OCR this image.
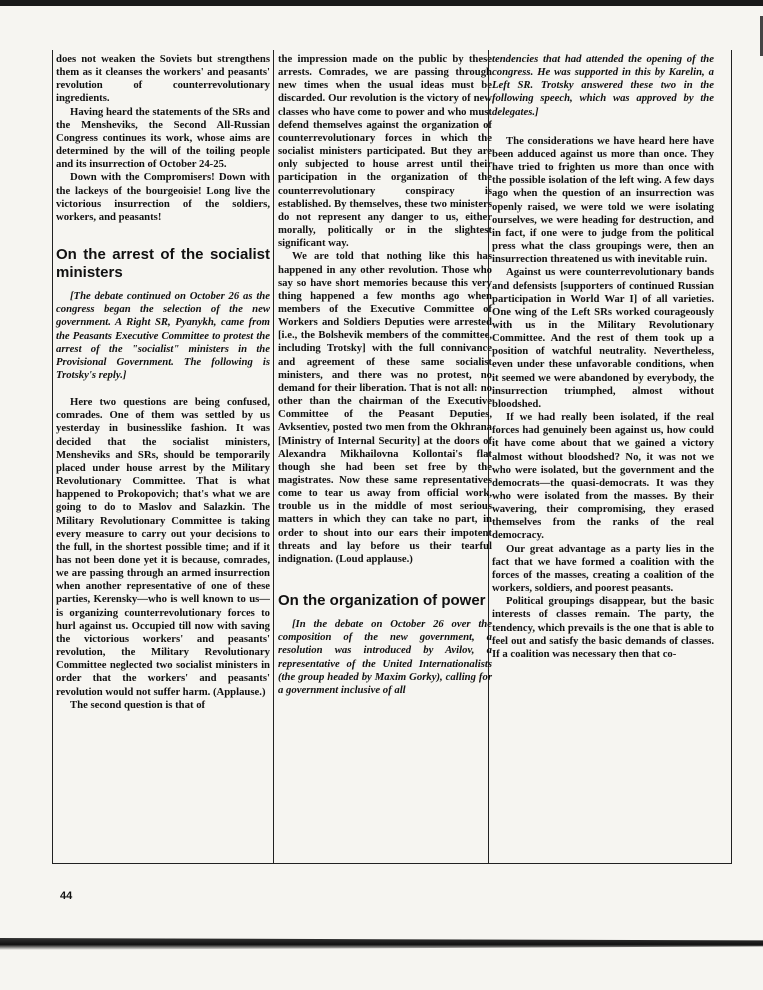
does not weaken the Soviets but strengthens them as it cleanses the workers' and peasants' revolution of counterrevolutionary ingredients.

Having heard the statements of the SRs and the Mensheviks, the Second All-Russian Congress continues its work, whose aims are determined by the will of the toiling people and its insurrection of October 24-25.

Down with the Compromisers! Down with the lackeys of the bourgeoisie! Long live the victorious insurrection of the soldiers, workers, and peasants!

On the arrest of the socialist ministers

[The debate continued on October 26 as the congress began the selection of the new government. A Right SR, Pyanykh, came from the Peasants Executive Committee to protest the arrest of the "socialist" ministers in the Provisional Government. The following is Trotsky's reply.]

Here two questions are being confused, comrades. One of them was settled by us yesterday in businesslike fashion. It was decided that the socialist ministers, Mensheviks and SRs, should be temporarily placed under house arrest by the Military Revolutionary Committee. That is what happened to Prokopovich; that's what we are going to do to Maslov and Salazkin. The Military Revolutionary Committee is taking every measure to carry out your decisions to the full, in the shortest possible time; and if it has not been done yet it is because, comrades, we are passing through an armed insurrection when another representative of one of these parties, Kerensky—who is well known to us—is organizing counterrevolutionary forces to hurl against us. Occupied till now with saving the victorious workers' and peasants' revolution, the Military Revolutionary Committee neglected two socialist ministers in order that the workers' and peasants' revolution would not suffer harm. (Applause.)

The second question is that of

the impression made on the public by these arrests. Comrades, we are passing through new times when the usual ideas must be discarded. Our revolution is the victory of new classes who have come to power and who must defend themselves against the organization of counterrevolutionary forces in which the socialist ministers participated. But they are only subjected to house arrest until their participation in the organization of the counterrevolutionary conspiracy is established. By themselves, these two ministers do not represent any danger to us, either morally, politically or in the slightest significant way.

We are told that nothing like this has happened in any other revolution. Those who say so have short memories because this very thing happened a few months ago when members of the Executive Committee of Workers and Soldiers Deputies were arrested [i.e., the Bolshevik members of the committee, including Trotsky] with the full connivance and agreement of these same socialist ministers, and there was no protest, no demand for their liberation. That is not all: no other than the chairman of the Executive Committee of the Peasant Deputies, Avksentiev, posted two men from the Okhrana [Ministry of Internal Security] at the doors of Alexandra Mikhailovna Kollontai's flat though she had been set free by the magistrates. Now these same representatives come to tear us away from official work, trouble us in the middle of most serious matters in which they can take no part, in order to shout into our ears their impotent threats and lay before us their tearful indignation. (Loud applause.)

On the organization of power

[In the debate on October 26 over the composition of the new government, a resolution was introduced by Avilov, a representative of the United Internationalists (the group headed by Maxim Gorky), calling for a government inclusive of all

tendencies that had attended the opening of the congress. He was supported in this by Karelin, a Left SR. Trotsky answered these two in the following speech, which was approved by the delegates.]

The considerations we have heard here have been adduced against us more than once. They have tried to frighten us more than once with the possible isolation of the left wing. A few days ago when the question of an insurrection was openly raised, we were told we were isolating ourselves, we were heading for destruction, and in fact, if one were to judge from the political press what the class groupings were, then an insurrection threatened us with inevitable ruin.

Against us were counterrevolutionary bands and defensists [supporters of continued Russian participation in World War I] of all varieties. One wing of the Left SRs worked courageously with us in the Military Revolutionary Committee. And the rest of them took up a position of watchful neutrality. Nevertheless, even under these unfavorable conditions, when it seemed we were abandoned by everybody, the insurrection triumphed, almost without bloodshed.

If we had really been isolated, if the real forces had genuinely been against us, how could it have come about that we gained a victory almost without bloodshed? No, it was not we who were isolated, but the government and the democrats—the quasi-democrats. It was they who were isolated from the masses. By their wavering, their compromising, they erased themselves from the ranks of the real democracy.

Our great advantage as a party lies in the fact that we have formed a coalition with the forces of the masses, creating a coalition of the workers, soldiers, and poorest peasants.

Political groupings disappear, but the basic interests of classes remain. The party, the tendency, which prevails is the one that is able to feel out and satisfy the basic demands of classes. If a coalition was necessary then that co-

44
